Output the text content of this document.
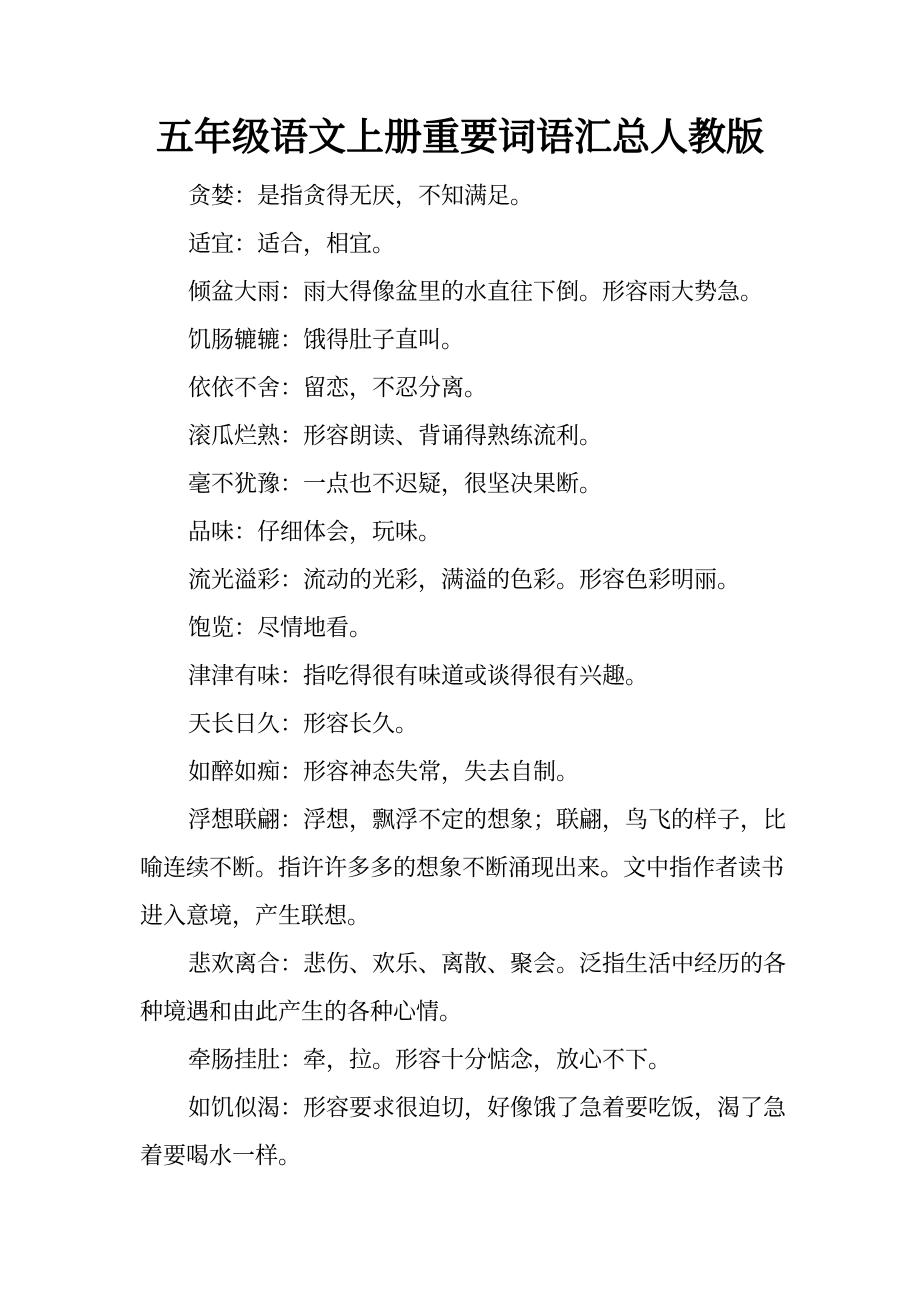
五年级语文上册重要词语汇总人教版

贪婪：是指贪得无厌，不知满足。

适宜：适合，相宜。

倾盆大雨：雨大得像盆里的水直往下倒。形容雨大势急。

饥肠辘辘：饿得肚子直叫。

依依不舍：留恋，不忍分离。

滚瓜烂熟：形容朗读、背诵得熟练流利。

毫不犹豫：一点也不迟疑，很坚决果断。

品味：仔细体会，玩味。

流光溢彩：流动的光彩，满溢的色彩。形容色彩明丽。

饱览：尽情地看。

津津有味：指吃得很有味道或谈得很有兴趣。

天长日久：形容长久。

如醉如痴：形容神态失常，失去自制。

浮想联翩：浮想，飘浮不定的想象；联翩，鸟飞的样子，比喻连续不断。指许许多多的想象不断涌现出来。文中指作者读书进入意境，产生联想。

悲欢离合：悲伤、欢乐、离散、聚会。泛指生活中经历的各种境遇和由此产生的各种心情。

牵肠挂肚：牵，拉。形容十分惦念，放心不下。

如饥似渴：形容要求很迫切，好像饿了急着要吃饭，渴了急着要喝水一样。
